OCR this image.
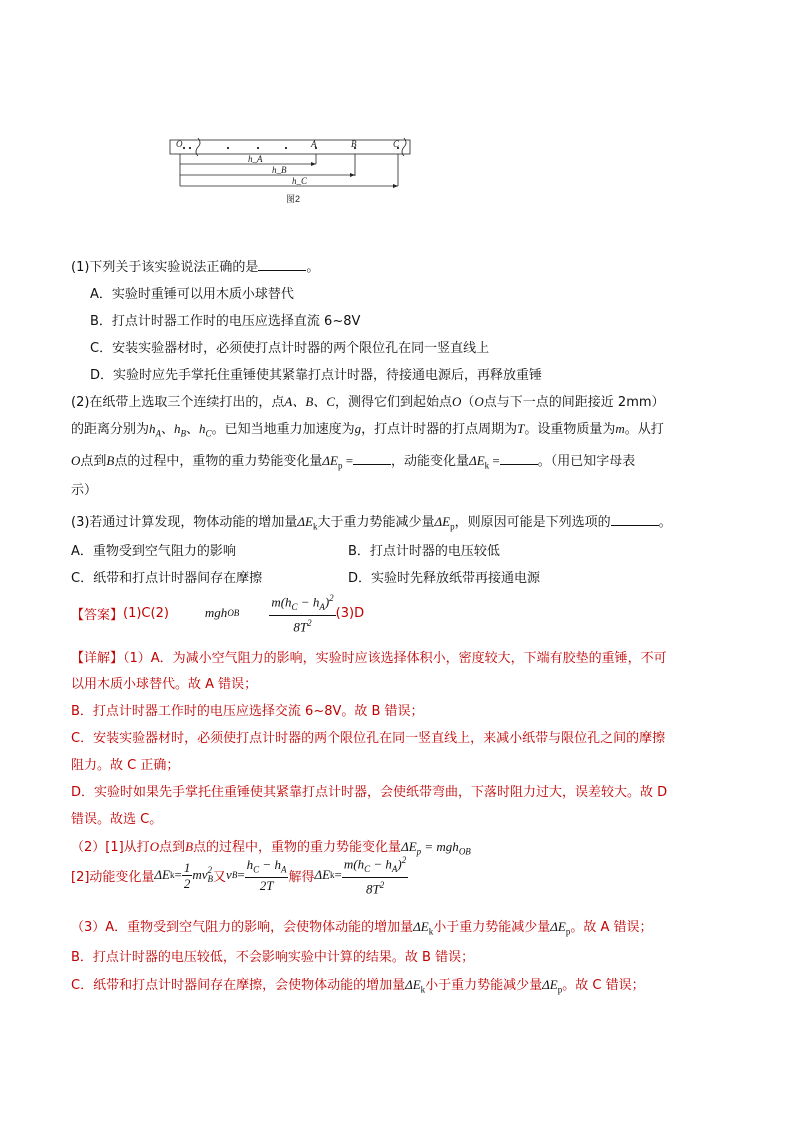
O	A	B	C
h_A
h_B
h_C
图2
(1)下列关于该实验说法正确的是	。
A．实验时重锤可以用木质小球替代
B．打点计时器工作时的电压应选择直流 6~8V
C．安装实验器材时，必须使打点计时器的两个限位孔在同一竖直线上
D．实验时应先手掌托住重锤使其紧靠打点计时器，待接通电源后，再释放重锤
(2)在纸带上选取三个连续打出的，点A、B、C，测得它们到起始点O（O点与下一点的间距接近 2mm）
的距离分别为$h_A$、$h_B$、$h_C$。已知当地重力加速度为g，打点计时器的打点周期为T。设重物质量为m。从打
O点到B点的过程中，重物的重力势能变化量$\Delta E_p$ =	，动能变化量$\Delta E_k$ =	。（用已知字母表
示）
(3)若通过计算发现，物体动能的增加量$\Delta E_k$大于重力势能减少量$\Delta E_p$，则原因可能是下列选项的	。
A．重物受到空气阻力的影响	B．打点计时器的电压较低
C．纸带和打点计时器间存在摩擦	D．实验时先释放纸带再接通电源
【答案】 (1)C(2)	mgh OB $\frac{m(h_C - h_A)^2}{8T^2} (3)D$
【详解】（1）A．为减小空气阻力的影响，实验时应该选择体积小，密度较大，下端有胶垫的重锤，不可
以用木质小球替代。故 A 错误；
B．打点计时器工作时的电压应选择交流 6~8V。故 B 错误；
C．安装实验器材时，必须使打点计时器的两个限位孔在同一竖直线上，来减小纸带与限位孔之间的摩擦
阻力。故 C 正确；
D．实验时如果先手掌托住重锤使其紧靠打点计时器，会使纸带弯曲，下落时阻力过大，误差较大。故 D
错误。故选 C。
（2）[1]从打O点到B点的过程中，重物的重力势能变化量$\Delta E_p = mgh_{OB}$
[2]动能变化量 ΔE $k = \frac{1}{2}$ mv 2
B 又 v $B = \frac{h_C - h_A}{2T}$ 解得 ΔE $k = \frac{m(h_C - h_A)^2}{8T^2}$
（3）A．重物受到空气阻力的影响，会使物体动能的增加量$\Delta E_k$小于重力势能减少量$\Delta E_p$。故 A 错误；
B．打点计时器的电压较低，不会影响实验中计算的结果。故 B 错误；
C．纸带和打点计时器间存在摩擦，会使物体动能的增加量$\Delta E_k$小于重力势能减少量$\Delta E_p$。故 C 错误；
